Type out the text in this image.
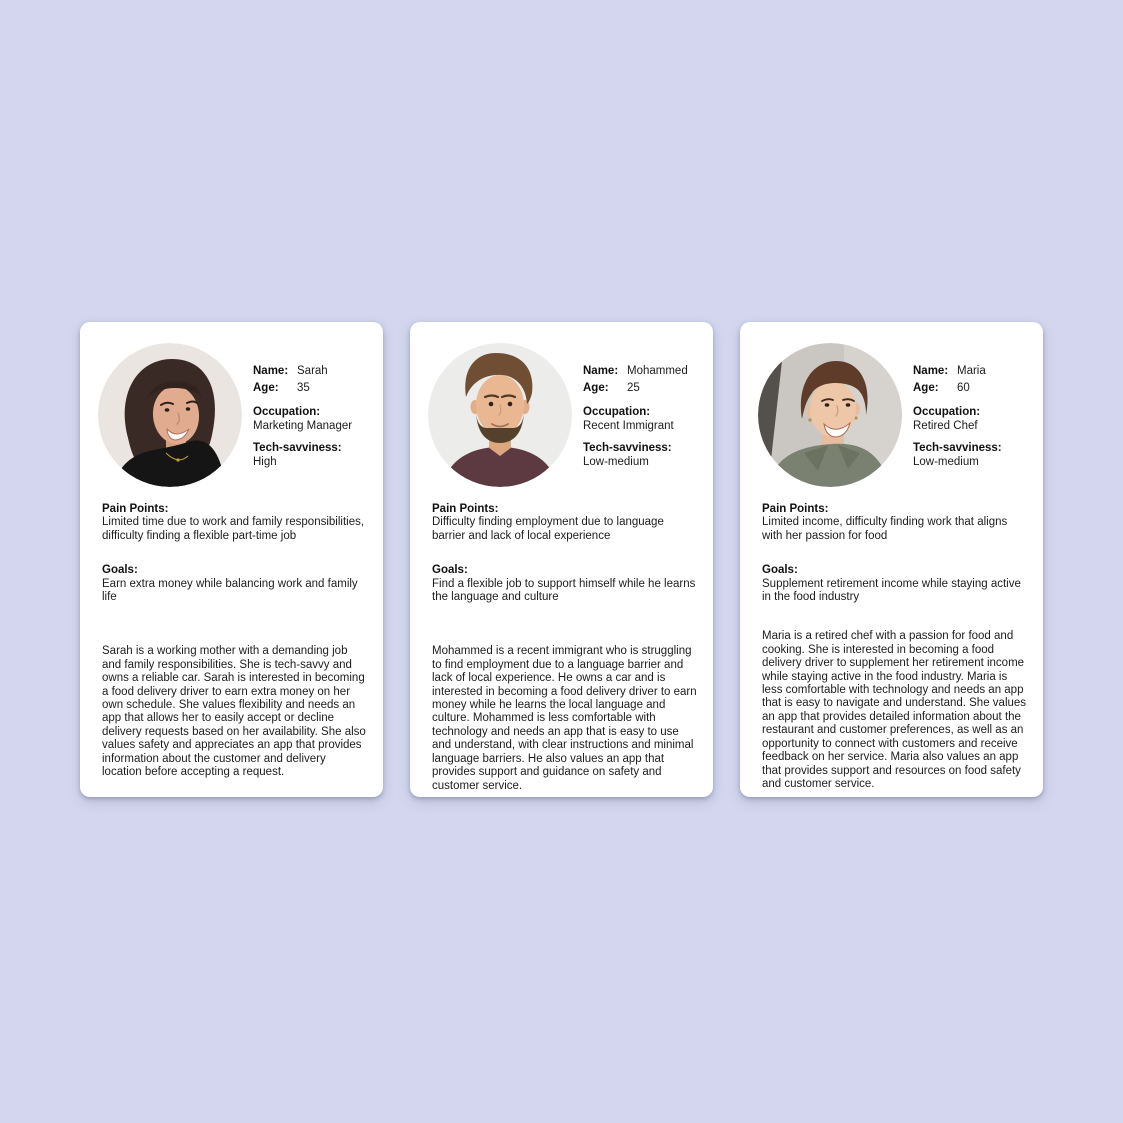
Name: Sarah
Age:	35
Occupation:
Marketing Manager
Tech-savviness:
High
Pain Points:
Limited time due to work and family responsibilities, difficulty finding a flexible part-time job
Goals:
Earn extra money while balancing work and family life
Sarah is a working mother with a demanding job and family responsibilities. She is tech-savvy and owns a reliable car. Sarah is interested in becoming a food delivery driver to earn extra money on her own schedule. She values flexibility and needs an app that allows her to easily accept or decline delivery requests based on her availability. She also values safety and appreciates an app that provides information about the customer and delivery location before accepting a request.
Name: Mohammed
Age:	25
Occupation:
Recent Immigrant
Tech-savviness:
Low-medium
Pain Points:
Difficulty finding employment due to language barrier and lack of local experience
Goals:
Find a flexible job to support himself while he learns the language and culture
Mohammed is a recent immigrant who is struggling to find employment due to a language barrier and lack of local experience. He owns a car and is interested in becoming a food delivery driver to earn money while he learns the local language and culture. Mohammed is less comfortable with technology and needs an app that is easy to use and understand, with clear instructions and minimal language barriers. He also values an app that provides support and guidance on safety and customer service.
Name: Maria
Age:	60
Occupation:
Retired Chef
Tech-savviness:
Low-medium
Pain Points:
Limited income, difficulty finding work that aligns with her passion for food
Goals:
Supplement retirement income while staying active in the food industry
Maria is a retired chef with a passion for food and cooking. She is interested in becoming a food delivery driver to supplement her retirement income while staying active in the food industry. Maria is less comfortable with technology and needs an app that is easy to navigate and understand. She values an app that provides detailed information about the restaurant and customer preferences, as well as an opportunity to connect with customers and receive feedback on her service. Maria also values an app that provides support and resources on food safety and customer service.
